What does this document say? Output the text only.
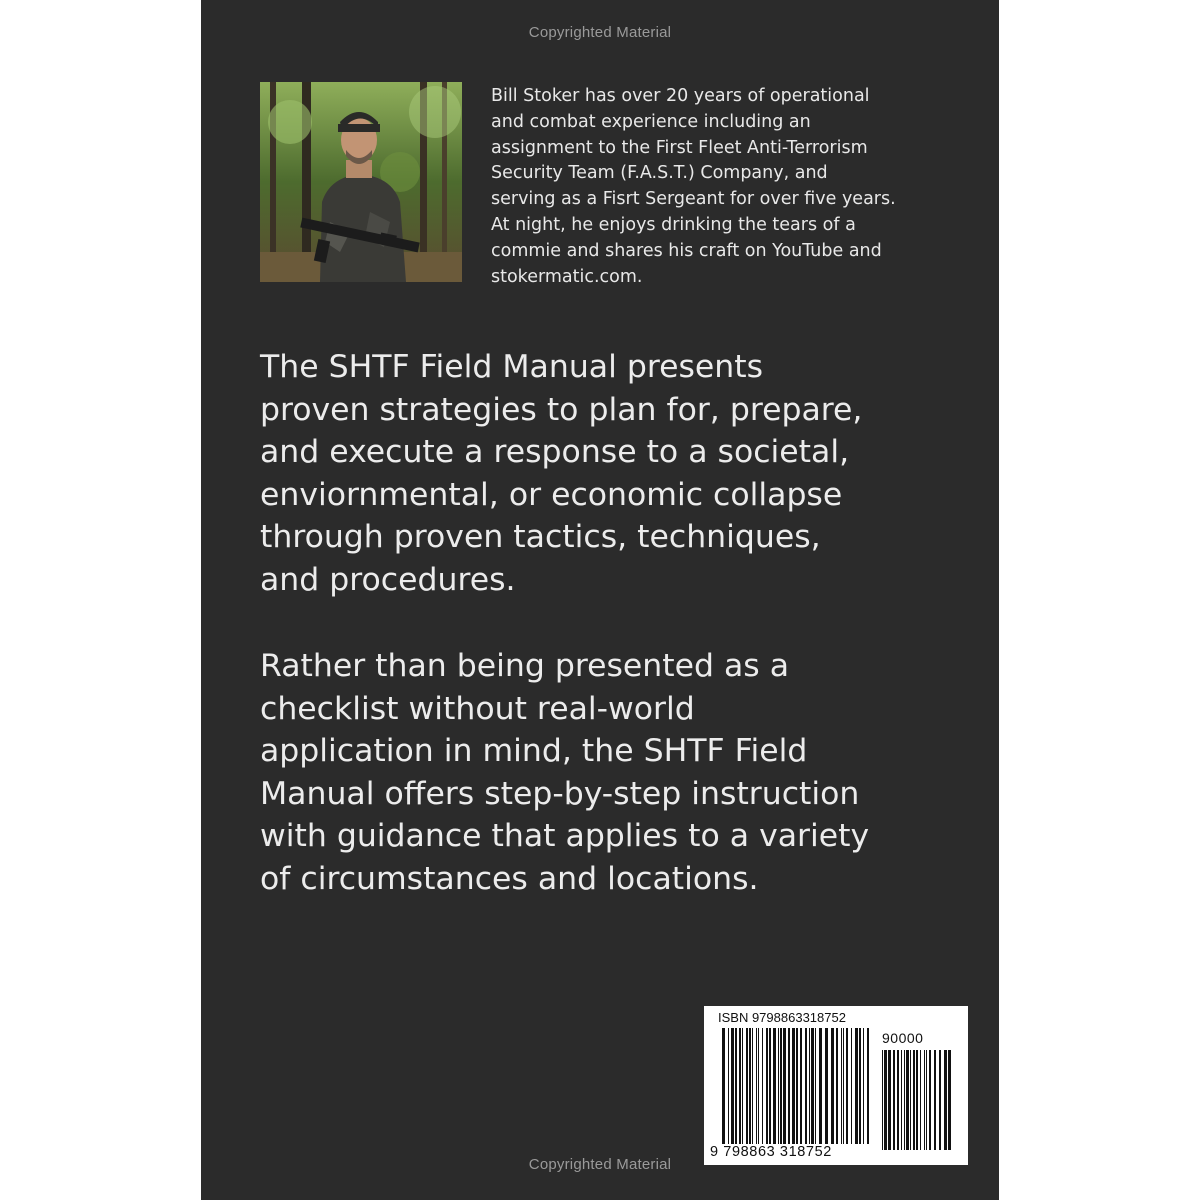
Copyrighted Material

Bill Stoker has over 20 years of operational
and combat experience including an
assignment to the First Fleet Anti-Terrorism
Security Team (F.A.S.T.) Company, and
serving as a Fisrt Sergeant for over five years.
At night, he enjoys drinking the tears of a
commie and shares his craft on YouTube and
stokermatic.com.

The SHTF Field Manual presents
proven strategies to plan for, prepare,
and execute a response to a societal,
enviornmental, or economic collapse
through proven tactics, techniques,
and procedures.

Rather than being presented as a
checklist without real-world
application in mind, the SHTF Field
Manual offers step-by-step instruction
with guidance that applies to a variety
of circumstances and locations.

ISBN 9798863318752
90000
9 798863 318752
Copyrighted Material
